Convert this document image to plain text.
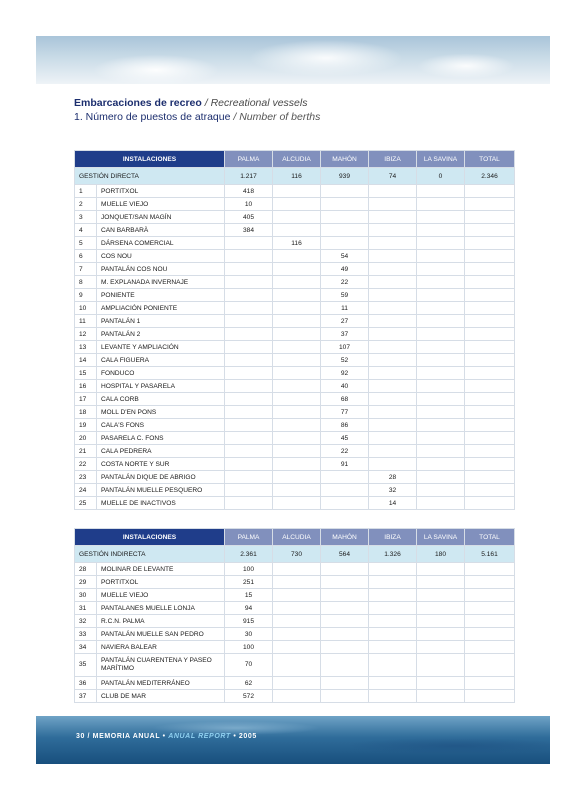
Embarcaciones de recreo / Recreational vessels
1. Número de puestos de atraque / Number of berths
INSTALACIONES		PALMA	ALCUDIA	MAHÓN	IBIZA	LA SAVINA	TOTAL
GESTIÓN DIRECTA		1.217	116	939	74	0	2.346
1	PORTITXOL	418					
2	MUELLE VIEJO	10					
3	JONQUET/SAN MAGÍN	405					
4	CAN BARBARÀ	384					
5	DÁRSENA COMERCIAL		116				
6	COS NOU			54			
7	PANTALÁN COS NOU			49			
8	M. EXPLANADA INVERNAJE			22			
9	PONIENTE			59			
10	AMPLIACIÓN PONIENTE			11			
11	PANTALÁN 1			27			
12	PANTALÁN 2			37			
13	LEVANTE Y AMPLIACIÓN			107			
14	CALA FIGUERA			52			
15	FONDUCO			92			
16	HOSPITAL Y PASARELA			40			
17	CALA CORB			68			
18	MOLL D'EN PONS			77			
19	CALA'S FONS			86			
20	PASARELA C. FONS			45			
21	CALA PEDRERA			22			
22	COSTA NORTE Y SUR			91			
23	PANTALÁN DIQUE DE ABRIGO				28		
24	PANTALÁN MUELLE PESQUERO				32		
25	MUELLE DE INACTIVOS				14		
INSTALACIONES		PALMA	ALCUDIA	MAHÓN	IBIZA	LA SAVINA	TOTAL
GESTIÓN INDIRECTA		2.361	730	564	1.326	180	5.161
28	MOLINAR DE LEVANTE	100					
29	PORTITXOL	251					
30	MUELLE VIEJO	15					
31	PANTALANES MUELLE LONJA	94					
32	R.C.N. PALMA	915					
33	PANTALÁN MUELLE SAN PEDRO	30					
34	NAVIERA BALEAR	100					
35	PANTALÁN CUARENTENA Y PASEO MARÍTIMO	70					
36	PANTALÁN MEDITERRÁNEO	62					
37	CLUB DE MAR	572					
30 / MEMORIA ANUAL • ANUAL REPORT • 2005
